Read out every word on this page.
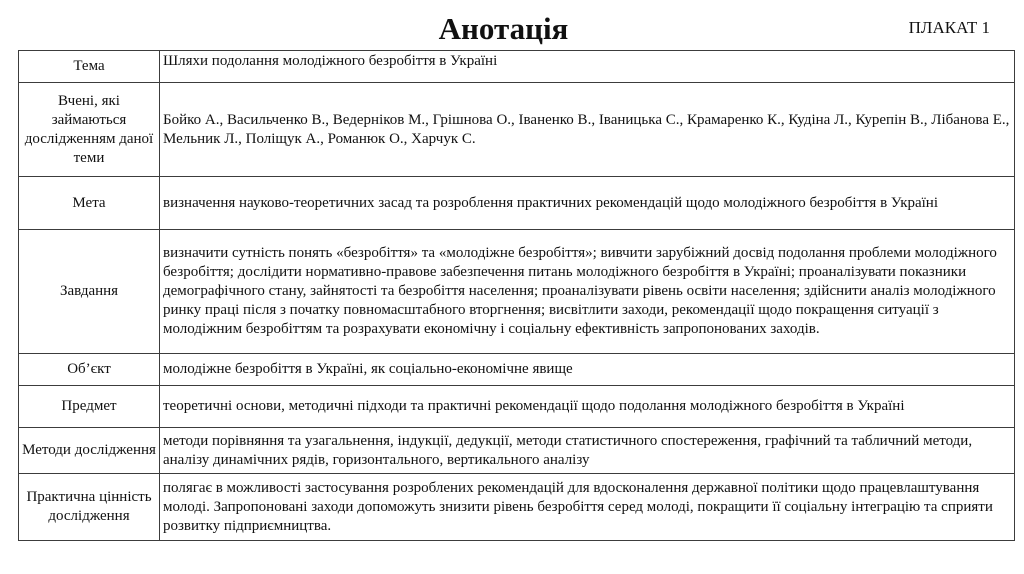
Анотація	ПЛАКАТ 1
Тема	Шляхи подолання молодіжного безробіття в Україні
Вчені, які займаються дослідженням даної теми	Бойко А., Васильченко В., Ведерніков М., Грішнова О., Іваненко В., Іваницька С., Крамаренко К., Кудіна Л., Курепін В., Лібанова Е., Мельник Л., Поліщук А., Романюк О., Харчук С.
Мета	визначення науково-теоретичних засад та розроблення практичних рекомендацій щодо молодіжного безробіття в Україні
Завдання	визначити сутність понять «безробіття» та «молодіжне безробіття»; вивчити зарубіжний досвід подолання проблеми молодіжного безробіття; дослідити нормативно-правове забезпечення питань молодіжного безробіття в Україні; проаналізувати показники демографічного стану, зайнятості та безробіття населення; проаналізувати рівень освіти населення; здійснити аналіз молодіжного ринку праці після з початку повномасштабного вторгнення; висвітлити заходи, рекомендації щодо покращення ситуації з молодіжним безробіттям та розрахувати економічну і соціальну ефективність запропонованих заходів.
Об’єкт	молодіжне безробіття в Україні, як соціально-економічне явище
Предмет	теоретичні основи, методичні підходи та практичні рекомендації щодо подолання молодіжного безробіття в Україні
Методи дослідження	методи порівняння та узагальнення, індукції, дедукції, методи статистичного спостереження, графічний та табличний методи, аналізу динамічних рядів, горизонтального, вертикального аналізу
Практична цінність дослідження	полягає в можливості застосування розроблених рекомендацій для вдосконалення державної політики щодо працевлаштування молоді. Запропоновані заходи допоможуть знизити рівень безробіття серед молоді, покращити її соціальну інтеграцію та сприяти розвитку підприємництва.
